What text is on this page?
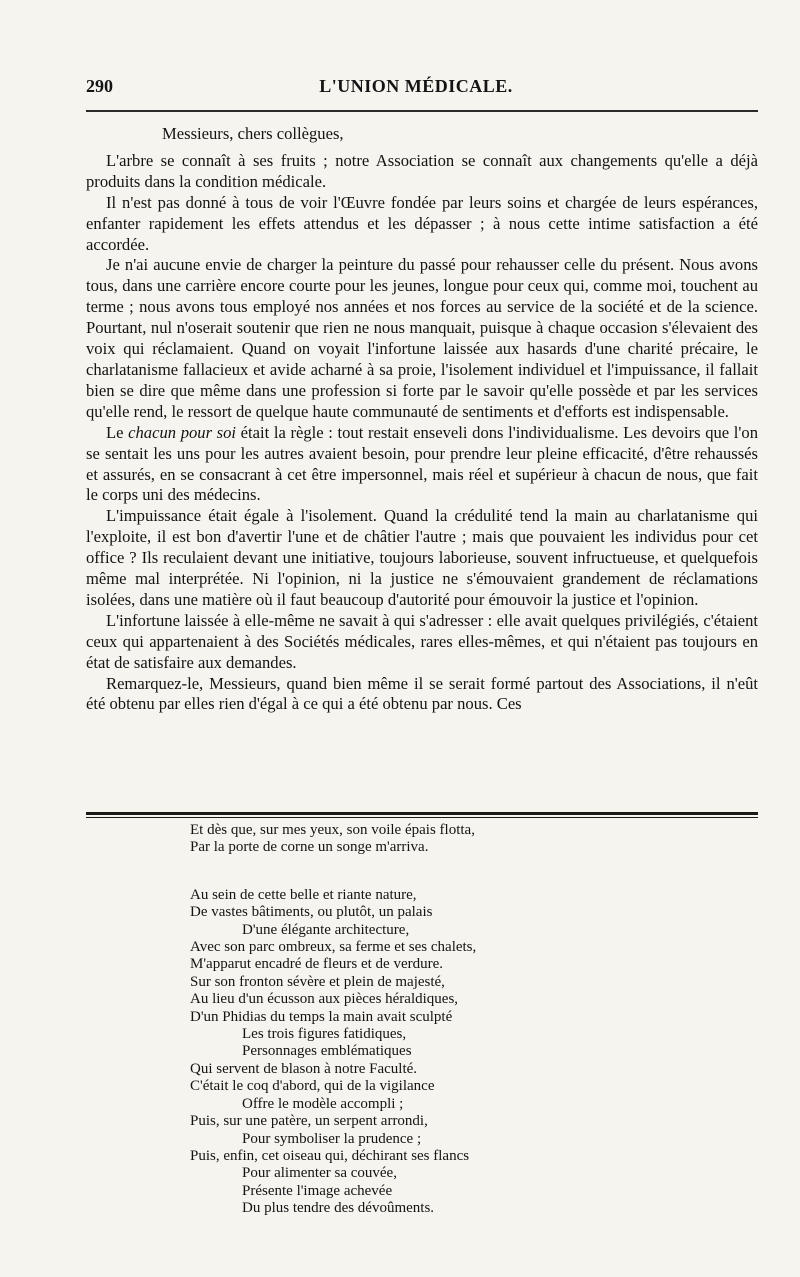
290	L'UNION MÉDICALE.

Messieurs, chers collègues,

L'arbre se connaît à ses fruits ; notre Association se connaît aux changements qu'elle a déjà produits dans la condition médicale.

Il n'est pas donné à tous de voir l'Œuvre fondée par leurs soins et chargée de leurs espérances, enfanter rapidement les effets attendus et les dépasser ; à nous cette intime satisfaction a été accordée.

Je n'ai aucune envie de charger la peinture du passé pour rehausser celle du présent. Nous avons tous, dans une carrière encore courte pour les jeunes, longue pour ceux qui, comme moi, touchent au terme ; nous avons tous employé nos années et nos forces au service de la société et de la science. Pourtant, nul n'oserait soutenir que rien ne nous manquait, puisque à chaque occasion s'élevaient des voix qui réclamaient. Quand on voyait l'infortune laissée aux hasards d'une charité précaire, le charlatanisme fallacieux et avide acharné à sa proie, l'isolement individuel et l'impuissance, il fallait bien se dire que même dans une profession si forte par le savoir qu'elle possède et par les services qu'elle rend, le ressort de quelque haute communauté de sentiments et d'efforts est indispensable.

Le chacun pour soi était la règle : tout restait enseveli dons l'individualisme. Les devoirs que l'on se sentait les uns pour les autres avaient besoin, pour prendre leur pleine efficacité, d'être rehaussés et assurés, en se consacrant à cet être impersonnel, mais réel et supérieur à chacun de nous, que fait le corps uni des médecins.

L'impuissance était égale à l'isolement. Quand la crédulité tend la main au charlatanisme qui l'exploite, il est bon d'avertir l'une et de châtier l'autre ; mais que pouvaient les individus pour cet office ? Ils reculaient devant une initiative, toujours laborieuse, souvent infructueuse, et quelquefois même mal interprétée. Ni l'opinion, ni la justice ne s'émouvaient grandement de réclamations isolées, dans une matière où il faut beaucoup d'autorité pour émouvoir la justice et l'opinion.

L'infortune laissée à elle-même ne savait à qui s'adresser : elle avait quelques privilégiés, c'étaient ceux qui appartenaient à des Sociétés médicales, rares elles-mêmes, et qui n'étaient pas toujours en état de satisfaire aux demandes.

Remarquez-le, Messieurs, quand bien même il se serait formé partout des Associations, il n'eût été obtenu par elles rien d'égal à ce qui a été obtenu par nous. Ces

Et dès que, sur mes yeux, son voile épais flotta,
Par la porte de corne un songe m'arriva.
Au sein de cette belle et riante nature,
De vastes bâtiments, ou plutôt, un palais
D'une élégante architecture,
Avec son parc ombreux, sa ferme et ses chalets,
M'apparut encadré de fleurs et de verdure.
Sur son fronton sévère et plein de majesté,
Au lieu d'un écusson aux pièces héraldiques,
D'un Phidias du temps la main avait sculpté
Les trois figures fatidiques,
Personnages emblématiques
Qui servent de blason à notre Faculté.
C'était le coq d'abord, qui de la vigilance
Offre le modèle accompli ;
Puis, sur une patère, un serpent arrondi,
Pour symboliser la prudence ;
Puis, enfin, cet oiseau qui, déchirant ses flancs
Pour alimenter sa couvée,
Présente l'image achevée
Du plus tendre des dévoûments.
